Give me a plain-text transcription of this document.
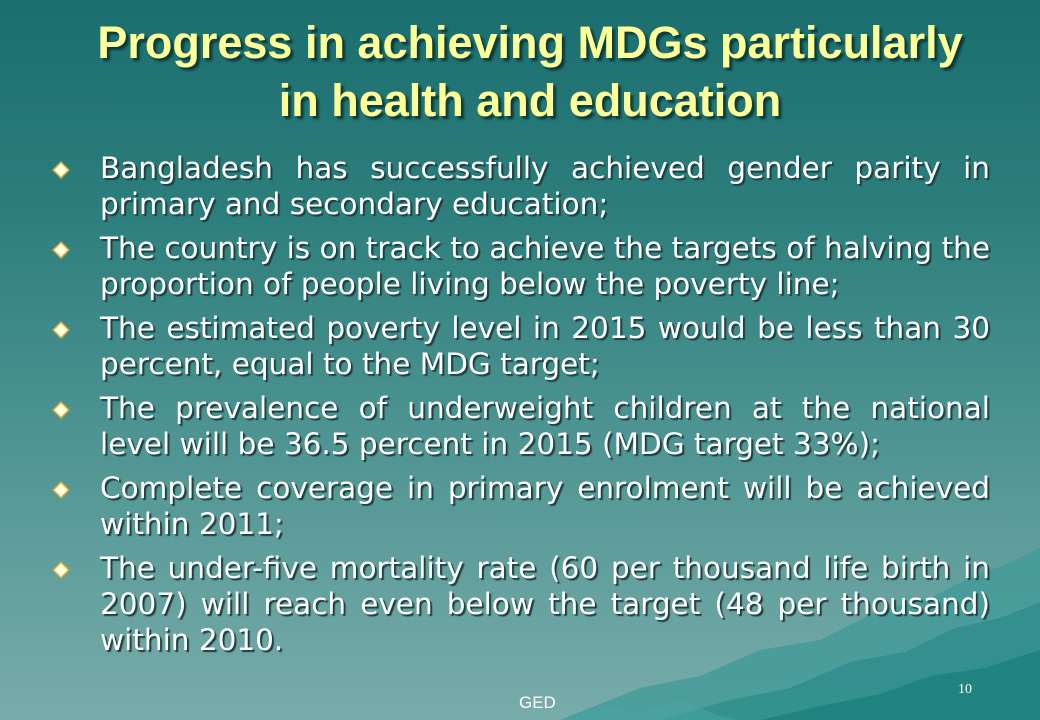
Progress in achieving MDGs particularly
in health and education
Bangladesh has successfully achieved gender parity in primary and secondary education;
The country is on track to achieve the targets of halving the proportion of people living below the poverty line;
The estimated poverty level in 2015 would be less than 30 percent, equal to the MDG target;
The prevalence of underweight children at the national level will be 36.5 percent in 2015 (MDG target 33%);
Complete coverage in primary enrolment will be achieved within 2011;
The under-five mortality rate (60 per thousand life birth in 2007) will reach even below the target (48 per thousand) within 2010.
GED
10
